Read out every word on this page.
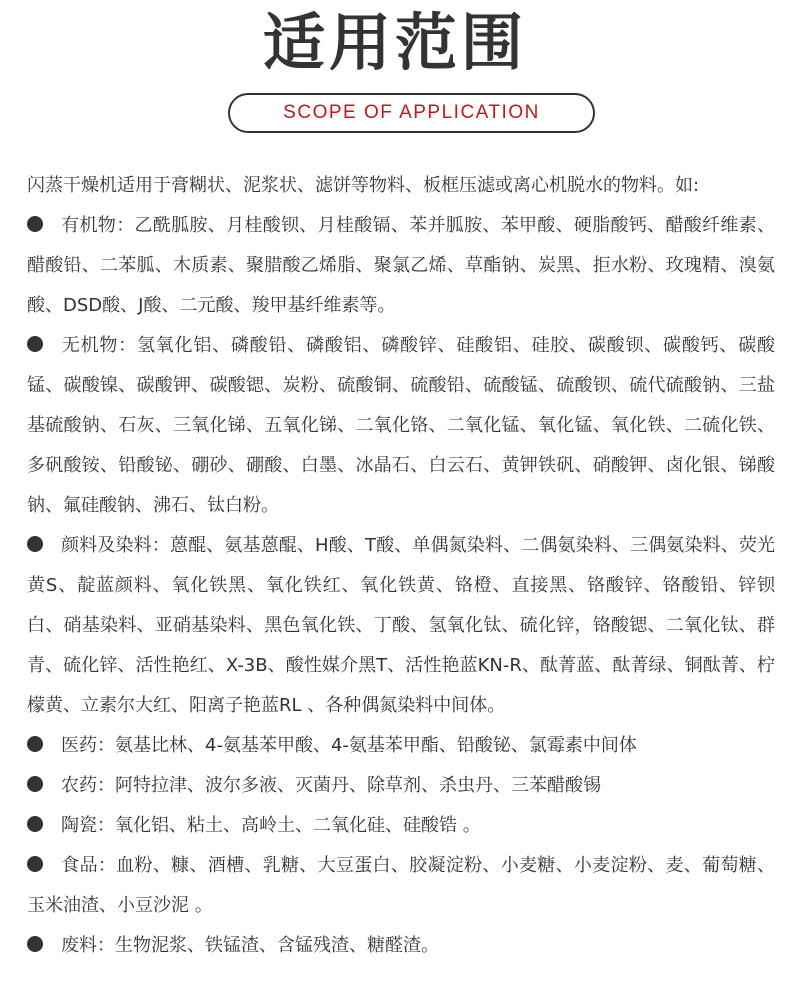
适用范围
SCOPE OF APPLICATION

闪蒸干燥机适用于膏糊状、泥浆状、滤饼等物料、板框压滤或离心机脱水的物料。如:

有机物：乙酰胍胺、月桂酸钡、月桂酸镉、苯并胍胺、苯甲酸、硬脂酸钙、醋酸纤维素、醋酸铅、二苯胍、木质素、聚腊酸乙烯脂、聚氯乙烯、草酯钠、炭黑、拒水粉、玫瑰精、溴氨酸、DSD酸、J酸、二元酸、羧甲基纤维素等。

无机物：氢氧化铝、磷酸铅、磷酸铝、磷酸锌、硅酸铝、硅胶、碳酸钡、碳酸钙、碳酸锰、碳酸镍、碳酸钾、碳酸锶、炭粉、硫酸铜、硫酸铅、硫酸锰、硫酸钡、硫代硫酸钠、三盐基硫酸钠、石灰、三氧化锑、五氧化锑、二氧化铬、二氧化锰、氧化锰、氧化铁、二硫化铁、多矾酸铵、铅酸铋、硼砂、硼酸、白墨、冰晶石、白云石、黄钾铁矾、硝酸钾、卤化银、锑酸钠、氟硅酸钠、沸石、钛白粉。

颜料及染料：蒽醌、氨基蒽醌、H酸、T酸、单偶氮染料、二偶氨染料、三偶氨染料、荧光黄S、靛蓝颜料、氧化铁黑、氧化铁红、氧化铁黄、铬橙、直接黑、铬酸锌、铬酸铅、锌钡白、硝基染料、亚硝基染料、黑色氧化铁、丁酸、氢氧化钛、硫化锌，铬酸锶、二氧化钛、群青、硫化锌、活性艳红、X-3B、酸性媒介黑T、活性艳蓝KN-R、酞菁蓝、酞菁绿、铜酞菁、柠檬黄、立素尔大红、阳离子艳蓝RL 、各种偶氮染料中间体。

医药：氨基比林、4-氨基苯甲酸、4-氨基苯甲酯、铅酸铋、氯霉素中间体

农药：阿特拉津、波尔多液、灭菌丹、除草剂、杀虫丹、三苯醋酸锡

陶瓷：氧化铝、粘土、高岭土、二氧化硅、硅酸锆 。

食品：血粉、糠、酒槽、乳糖、大豆蛋白、胶凝淀粉、小麦糖、小麦淀粉、麦、葡萄糖、玉米油渣、小豆沙泥 。

废料：生物泥浆、铁锰渣、含锰残渣、糖醛渣。
